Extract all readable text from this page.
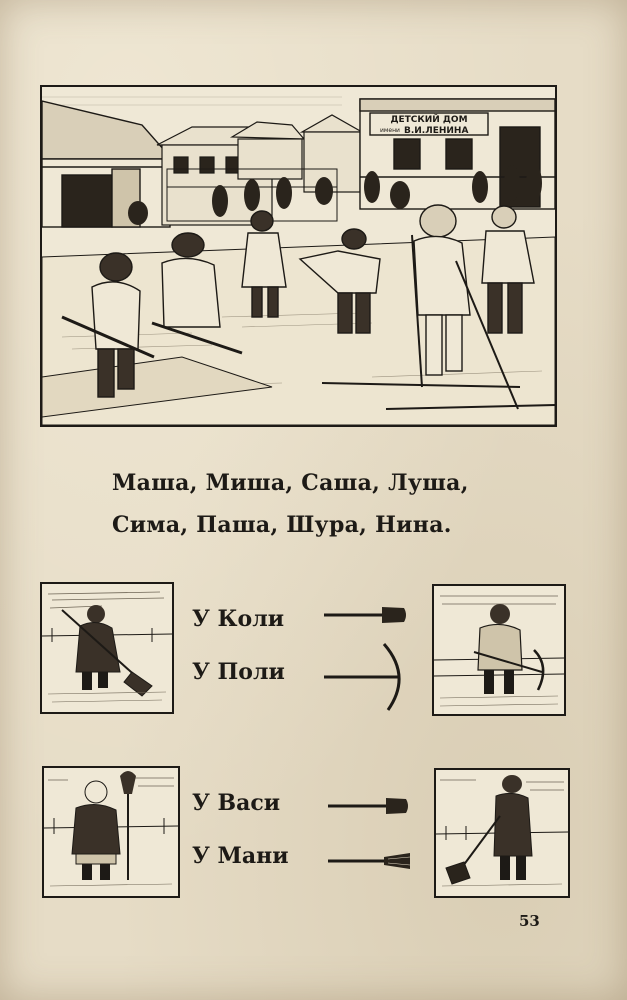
ДЕТСКИЙ ДОМ
имени В.И.ЛЕНИНА
Маша, Миша, Саша, Луша,
Сима, Паша, Шура, Нина.
У Коли
У Поли
У Васи
У Мани
53
